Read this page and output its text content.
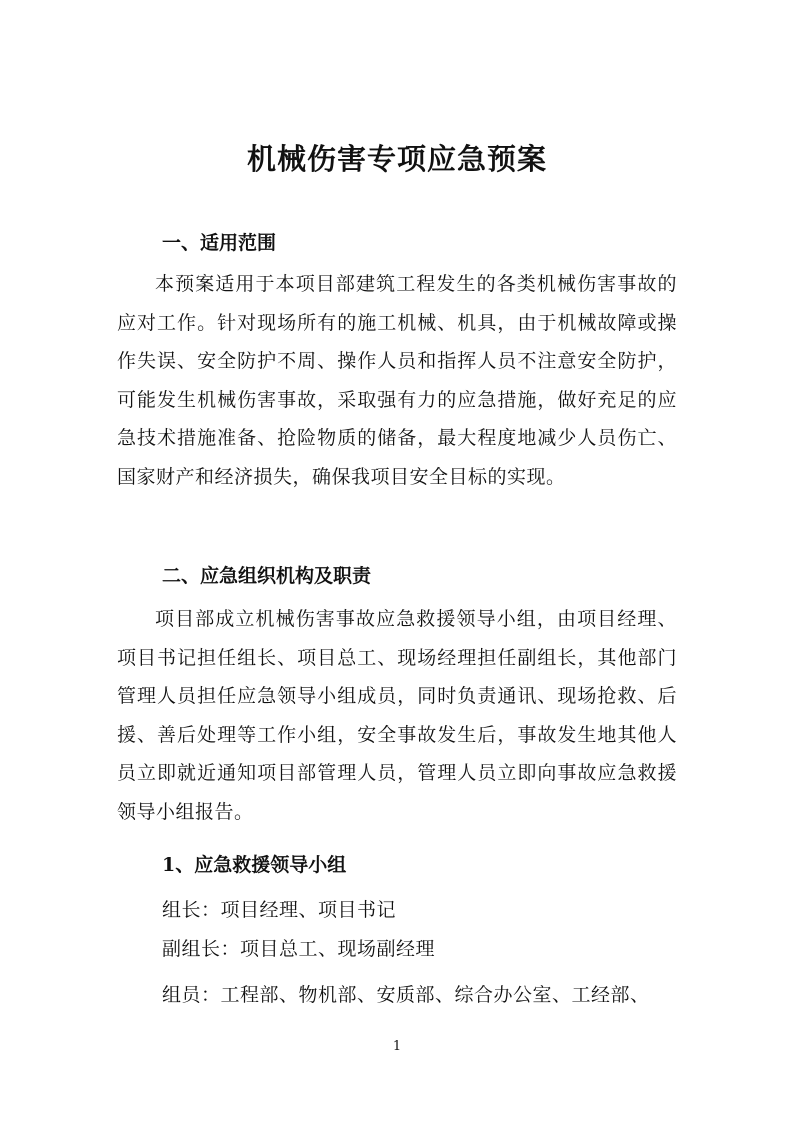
机械伤害专项应急预案
一、适用范围
本预案适用于本项目部建筑工程发生的各类机械伤害事故的应对工作。针对现场所有的施工机械、机具，由于机械故障或操作失误、安全防护不周、操作人员和指挥人员不注意安全防护，可能发生机械伤害事故，采取强有力的应急措施，做好充足的应急技术措施准备、抢险物质的储备，最大程度地减少人员伤亡、国家财产和经济损失，确保我项目安全目标的实现。
二、应急组织机构及职责
项目部成立机械伤害事故应急救援领导小组，由项目经理、项目书记担任组长、项目总工、现场经理担任副组长，其他部门管理人员担任应急领导小组成员，同时负责通讯、现场抢救、后援、善后处理等工作小组，安全事故发生后，事故发生地其他人员立即就近通知项目部管理人员，管理人员立即向事故应急救援领导小组报告。
1、应急救援领导小组
组长：项目经理、项目书记
副组长：项目总工、现场副经理
组员：工程部、物机部、安质部、综合办公室、工经部、
1
